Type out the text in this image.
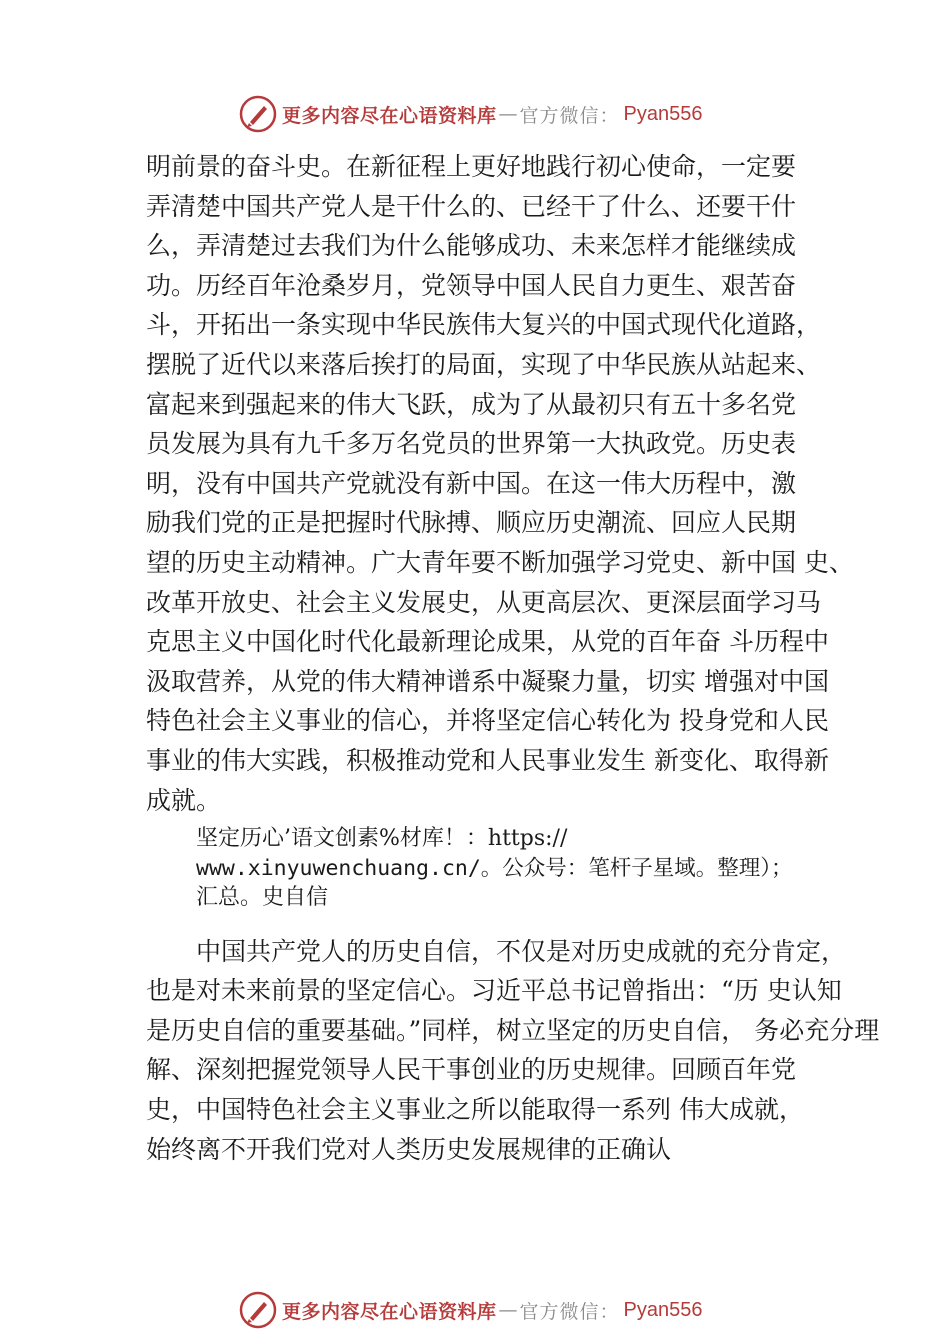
更多内容尽在心语资料库 — 官方微信： Pyan556
明前景的奋斗史。在新征程上更好地践行初心使命，一定要
弄清楚中国共产党人是干什么的、已经干了什么、还要干什
么，弄清楚过去我们为什么能够成功、未来怎样才能继续成
功。历经百年沧桑岁月，党领导中国人民自力更生、艰苦奋
斗，开拓出一条实现中华民族伟大复兴的中国式现代化道路，
摆脱了近代以来落后挨打的局面，实现了中华民族从站起来、
富起来到强起来的伟大飞跃，成为了从最初只有五十多名党
员发展为具有九千多万名党员的世界第一大执政党。历史表
明，没有中国共产党就没有新中国。在这一伟大历程中，激
励我们党的正是把握时代脉搏、顺应历史潮流、回应人民期
望的历史主动精神。广大青年要不断加强学习党史、新中国 史、
改革开放史、社会主义发展史，从更高层次、更深层面学习马
克思主义中国化时代化最新理论成果，从党的百年奋 斗历程中
汲取营养，从党的伟大精神谱系中凝聚力量，切实 增强对中国
特色社会主义事业的信心，并将坚定信心转化为 投身党和人民
事业的伟大实践，积极推动党和人民事业发生 新变化、取得新
成就。
坚定历心’语文创素%材库！：https://
www.xinyuwenchuang.cn/。公众号：笔杆子星域。整理）；
汇总。史自信
中国共产党人的历史自信，不仅是对历史成就的充分肯定，
也是对未来前景的坚定信心。习近平总书记曾指出：“历 史认知
是历史自信的重要基础。”同样，树立坚定的历史自信， 务必充分理
解、深刻把握党领导人民干事创业的历史规律。回顾百年党
史，中国特色社会主义事业之所以能取得一系列 伟大成就，
始终离不开我们党对人类历史发展规律的正确认
更多内容尽在心语资料库 — 官方微信： Pyan556
